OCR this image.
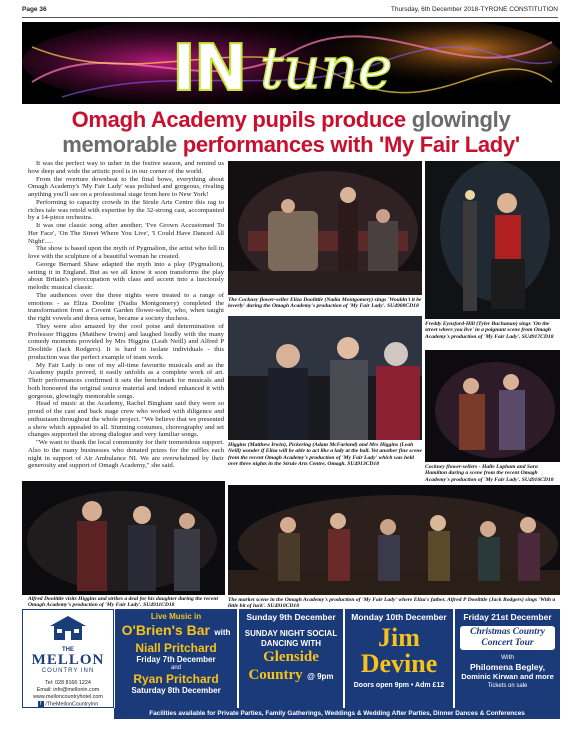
Page 36	Thursday, 6th December 2018-TYRONE CONSTITUTION
IN tune
Omagh Academy pupils produce glowingly
memorable performances with 'My Fair Lady'

It was the perfect way to usher in the festive season, and remind us how deep and wide the artistic pool is in our corner of the world.

From the overture downbeat to the final bows, everything about Omagh Academy's 'My Fair Lady' was polished and gorgeous, rivaling anything you'll see on a professional stage from here to New York!

Performing to capacity crowds in the Strule Arts Centre this rag to riches tale was retold with expertise by the 32-strong cast, accompanied by a 14-piece orchestra.

It was one classic song after another; 'I've Grown Accustomed To Her Face', 'On The Street Where You Live', 'I Could Have Danced All Night'.....

The show is based upon the myth of Pygmalion, the artist who fell in love with the sculpture of a beautiful woman he created.

George Bernard Shaw adapted the myth into a play (Pygmalion), setting it in England. But as we all know it soon transforms the play about Britain's preoccupation with class and accent into a lusciously melodic musical classic.

The audiences over the three nights were treated to a range of emotions - as Eliza Doolitte (Nadia Montgomery) completed the transformation from a Covent Garden flower-seller, who, when taught the right vowels and dress sense, became a society duchess.

They were also amazed by the cool poise and determination of Professor Higgins (Matthew Irwin) and laughed loudly with the many comedy moments provided by Mrs Higgins (Leah Neill) and Alfred P Doolittle (Jack Rodgers). It is hard to isolate individuals - this production was the perfect example of team work.

My Fair Lady is one of my all-time favourite musicals and as the Academy pupils proved, it easily unfolds as a complete work of art. Their performances confirmed it sets the benchmark for musicals and both honoured the original source material and indeed enhanced it with gorgeous, glowingly memorable songs.

Head of music at the Academy, Rachel Bingham said they were so proud of the cast and back stage crew who worked with diligence and enthusiasm throughout the whole project. "We believe that we presented a show which appealed to all. Stunning costumes, choreography and set changes supported the strong dialogue and very familiar songs.

"We want to thank the local community for their tremendous support. Also to the many businesses who donated prizes for the raffles each night in support of Air Ambulance NI. We are overwhelmed by their generosity and support of Omagh Academy," she said.

The Cockney flower-seller Eliza Doolittle (Nadia Montgomery) sings 'Wouldn't it be loverly' during the Omagh Academy's production of 'My Fair Lady'. SU4908CD18
Freddy Eynsford-Hill (Tyler Buchanan) sings 'On the street where you live' in a poignant scene from Omagh Academy's production of 'My Fair Lady'. SU4917CD18
Higgins (Matthew Irwin), Pickering (Adam McFarland) and Mrs Higgins (Leah Neill) wonder if Eliza will be able to act like a lady at the ball. Yet another fine scene from the recent Omagh Academy's production of 'My Fair Lady' which was held over three nights in the Strule Arts Centre, Omagh. SU4913CD18	Cockney flower-sellers - Halle Lapham and Sara Hamilton during a scene from the recent Omagh Academy's production of 'My Fair Lady'. SU4916CD18
Alfred Doolittle visits Higgins and strikes a deal for his daughter during the recent Omagh Academy's production of 'My Fair Lady'. SU4911CD18
The market scene in the Omagh Academy's production of 'My Fair Lady' where Eliza's father, Alfred P Doolittle (Jack Rodgers) sings 'With a little bit of luck'. SU4910CD18
THE
MELLON
COUNTRY INN
Tel: 028 8166 1224
Email: info@mellonin.com
www.melloncountryhotel.com
f /TheMellonCountryInn
Live Music in
O'Brien's Bar with
Niall Pritchard
Friday 7th December
and
Ryan Pritchard
Saturday 8th December
Sunday 9th December
SUNDAY NIGHT SOCIAL
DANCING WITH
Glenside
Country @ 9pm
Monday 10th December
Jim
Devine
Doors open 9pm • Adm £12
Friday 21st December
Christmas Country
Concert Tour
With
Philomena Begley,
Dominic Kirwan and more
Tickets on sale
Facilities available for Private Parties, Family Gatherings, Weddings & Wedding After Parties, Dinner Dances & Conferences
